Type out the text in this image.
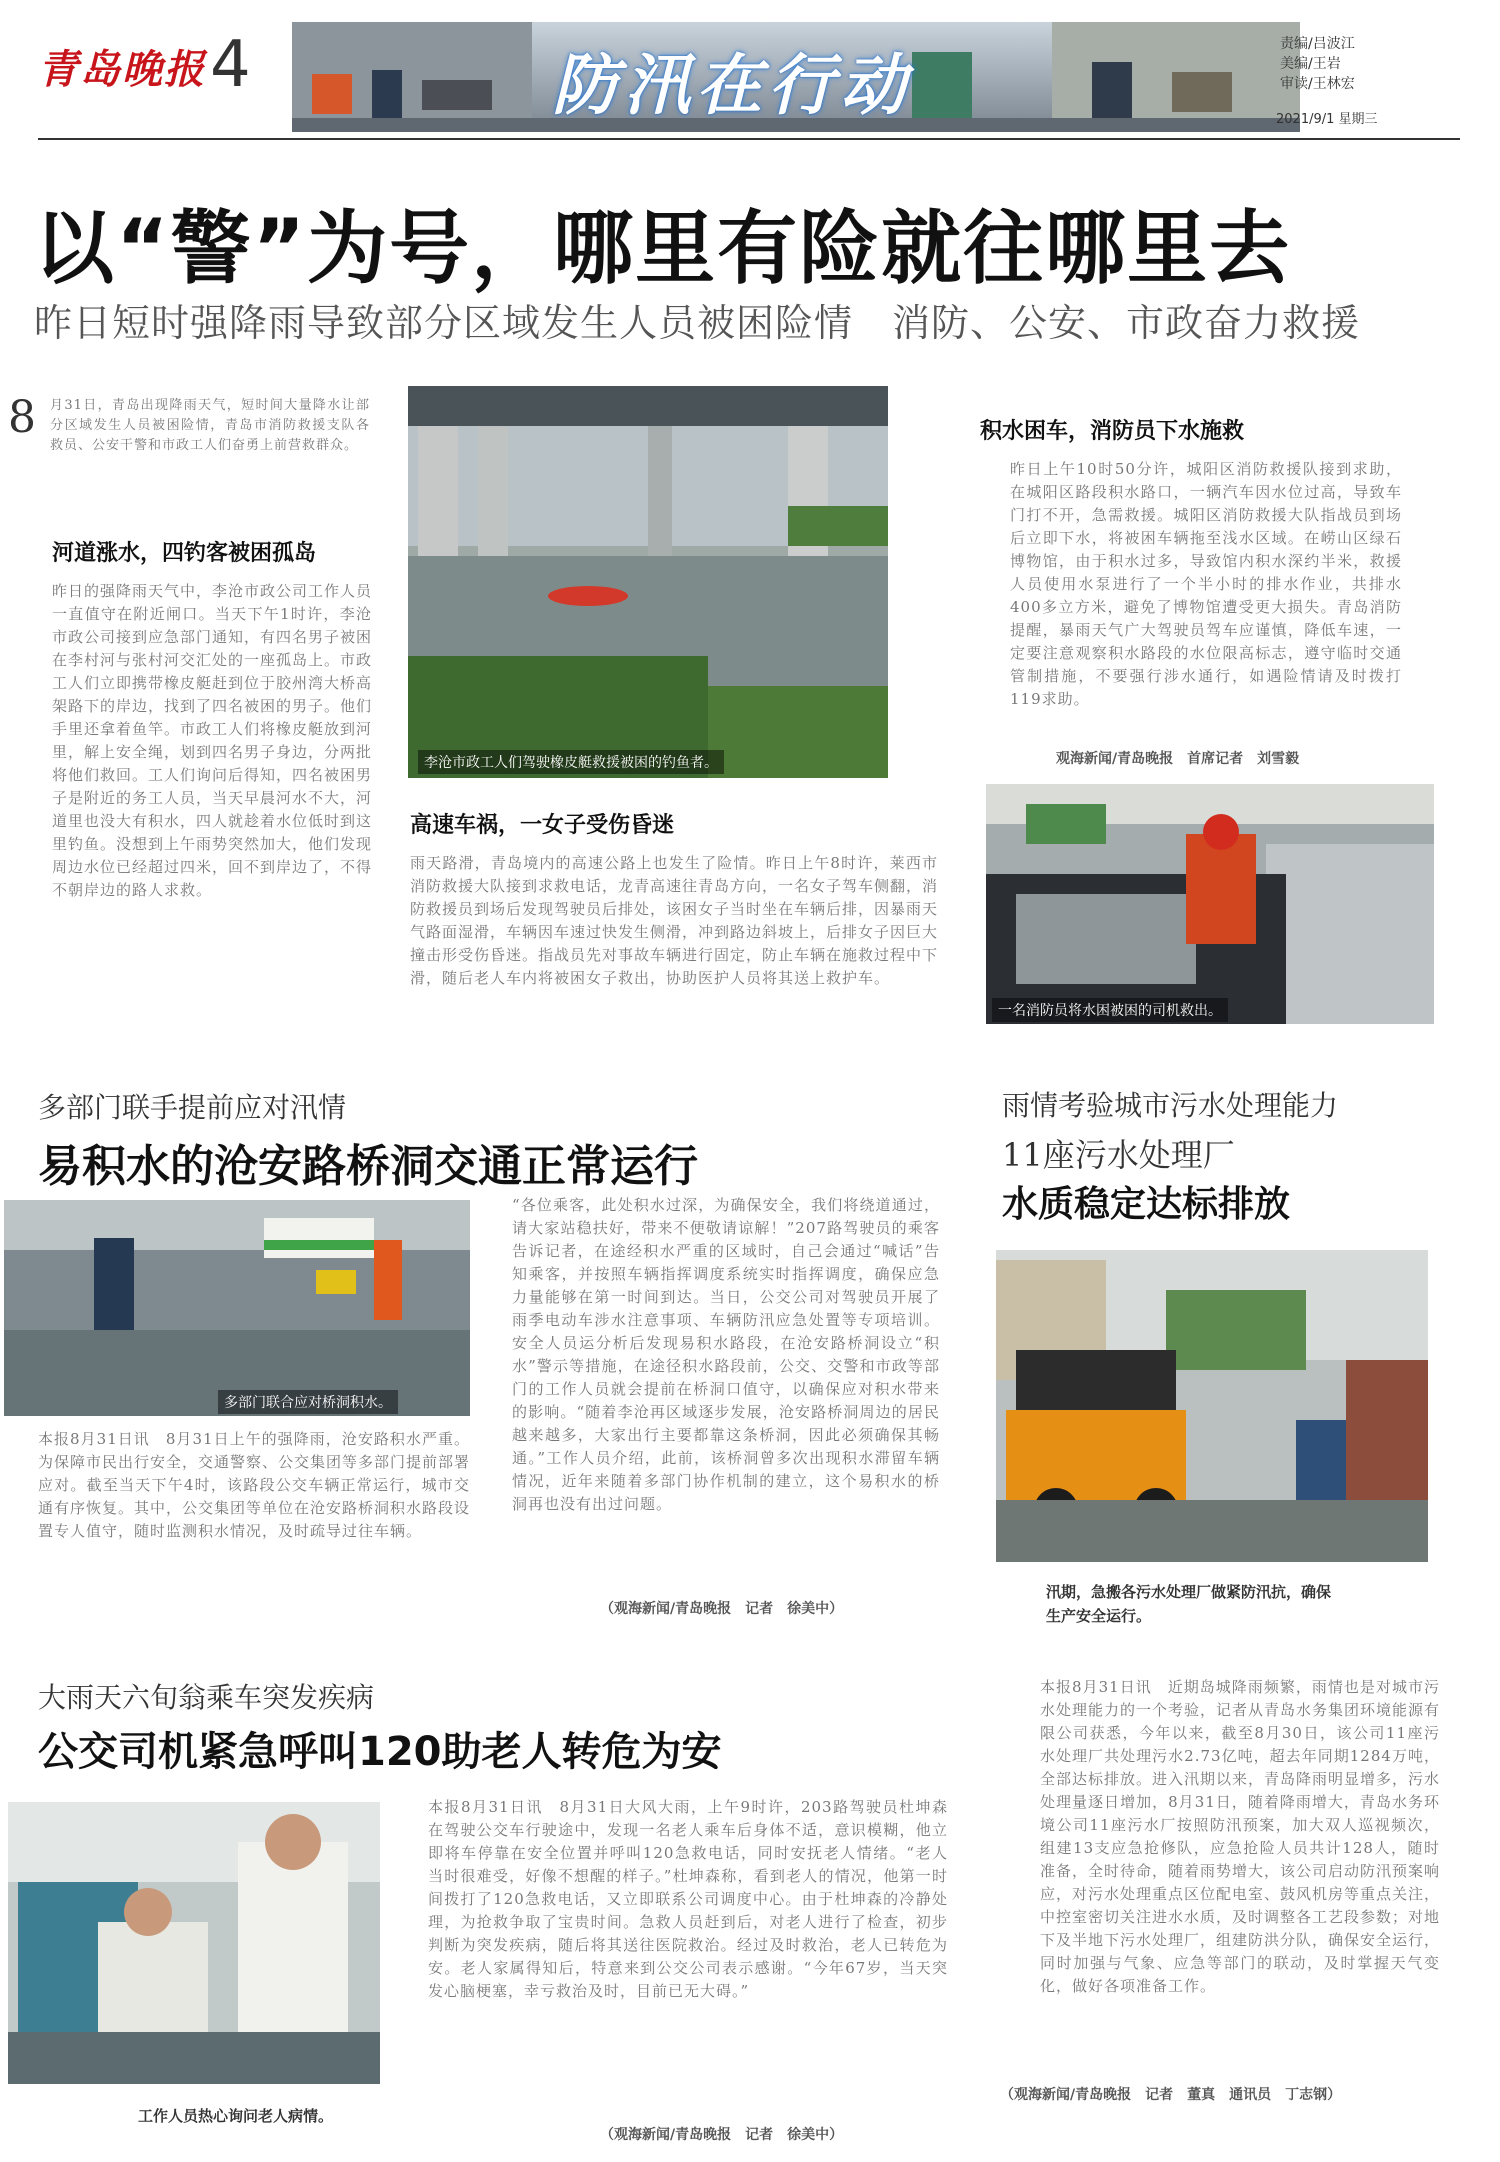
青岛晚报 4	防汛在行动
责编/吕波江
美编/王岩
审读/王林宏
2021/9/1 星期三
以“警”为号，哪里有险就往哪里去
昨日短时强降雨导致部分区域发生人员被困险情　消防、公安、市政奋力救援
8 月31日，青岛出现降雨天气，短时间大量降水让部分区域发生人员被困险情，青岛市消防救援支队各救员、公安干警和市政工人们奋勇上前营救群众。
河道涨水，四钓客被困孤岛
昨日的强降雨天气中，李沧市政公司工作人员一直值守在附近闸口。当天下午1时许，李沧市政公司接到应急部门通知，有四名男子被困在李村河与张村河交汇处的一座孤岛上。市政工人们立即携带橡皮艇赶到位于胶州湾大桥高架路下的岸边，找到了四名被困的男子。他们手里还拿着鱼竿。市政工人们将橡皮艇放到河里，解上安全绳，划到四名男子身边，分两批将他们救回。工人们询问后得知，四名被困男子是附近的务工人员，当天早晨河水不大，河道里也没大有积水，四人就趁着水位低时到这里钓鱼。没想到上午雨势突然加大，他们发现周边水位已经超过四米，回不到岸边了，不得不朝岸边的路人求救。
李沧市政工人们驾驶橡皮艇救援被困的钓鱼者。
高速车祸，一女子受伤昏迷
雨天路滑，青岛境内的高速公路上也发生了险情。昨日上午8时许，莱西市消防救援大队接到求救电话，龙青高速往青岛方向，一名女子驾车侧翻，消防救援员到场后发现驾驶员后排处，该困女子当时坐在车辆后排，因暴雨天气路面湿滑，车辆因车速过快发生侧滑，冲到路边斜坡上，后排女子因巨大撞击形受伤昏迷。指战员先对事故车辆进行固定，防止车辆在施救过程中下滑，随后老人车内将被困女子救出，协助医护人员将其送上救护车。
积水困车，消防员下水施救
昨日上午10时50分许，城阳区消防救援队接到求助，在城阳区路段积水路口，一辆汽车因水位过高，导致车门打不开，急需救援。城阳区消防救援大队指战员到场后立即下水，将被困车辆拖至浅水区域。在崂山区绿石博物馆，由于积水过多，导致馆内积水深约半米，救援人员使用水泵进行了一个半小时的排水作业，共排水400多立方米，避免了博物馆遭受更大损失。青岛消防提醒，暴雨天气广大驾驶员驾车应谨慎，降低车速，一定要注意观察积水路段的水位限高标志，遵守临时交通管制措施，不要强行涉水通行，如遇险情请及时拨打119求助。
观海新闻/青岛晚报　首席记者　刘雪毅
一名消防员将水困被困的司机救出。
多部门联手提前应对汛情
易积水的沧安路桥洞交通正常运行
多部门联合应对桥洞积水。
本报8月31日讯　8月31日上午的强降雨，沧安路积水严重。为保障市民出行安全，交通警察、公交集团等多部门提前部署应对。截至当天下午4时，该路段公交车辆正常运行，城市交通有序恢复。其中，公交集团等单位在沧安路桥洞积水路段设置专人值守，随时监测积水情况，及时疏导过往车辆。
“各位乘客，此处积水过深，为确保安全，我们将绕道通过，请大家站稳扶好，带来不便敬请谅解！”207路驾驶员的乘客告诉记者，在途经积水严重的区域时，自己会通过“喊话”告知乘客，并按照车辆指挥调度系统实时指挥调度，确保应急力量能够在第一时间到达。当日，公交公司对驾驶员开展了雨季电动车涉水注意事项、车辆防汛应急处置等专项培训。安全人员运分析后发现易积水路段，在沧安路桥洞设立“积水”警示等措施，在途径积水路段前，公交、交警和市政等部门的工作人员就会提前在桥洞口值守，以确保应对积水带来的影响。“随着李沧再区域逐步发展，沧安路桥洞周边的居民越来越多，大家出行主要都靠这条桥洞，因此必须确保其畅通。”工作人员介绍，此前，该桥洞曾多次出现积水滞留车辆情况，近年来随着多部门协作机制的建立，这个易积水的桥洞再也没有出过问题。
（观海新闻/青岛晚报　记者　徐美中）
雨情考验城市污水处理能力
11座污水处理厂
水质稳定达标排放
汛期，急搬各污水处理厂做紧防汛抗，确保生产安全运行。
本报8月31日讯　近期岛城降雨频繁，雨情也是对城市污水处理能力的一个考验，记者从青岛水务集团环境能源有限公司获悉，今年以来，截至8月30日，该公司11座污水处理厂共处理污水2.73亿吨，超去年同期1284万吨，全部达标排放。进入汛期以来，青岛降雨明显增多，污水处理量逐日增加，8月31日，随着降雨增大，青岛水务环境公司11座污水厂按照防汛预案，加大双人巡视频次，组建13支应急抢修队，应急抢险人员共计128人，随时准备，全时待命，随着雨势增大，该公司启动防汛预案响应，对污水处理重点区位配电室、鼓风机房等重点关注，中控室密切关注进水水质，及时调整各工艺段参数；对地下及半地下污水处理厂，组建防洪分队，确保安全运行，同时加强与气象、应急等部门的联动，及时掌握天气变化，做好各项准备工作。
（观海新闻/青岛晚报　记者　董真　通讯员　丁志钢）
大雨天六旬翁乘车突发疾病
公交司机紧急呼叫120助老人转危为安
工作人员热心询问老人病情。
本报8月31日讯　8月31日大风大雨，上午9时许，203路驾驶员杜坤森在驾驶公交车行驶途中，发现一名老人乘车后身体不适，意识模糊，他立即将车停靠在安全位置并呼叫120急救电话，同时安抚老人情绪。“老人当时很难受，好像不想醒的样子。”杜坤森称，看到老人的情况，他第一时间拨打了120急救电话，又立即联系公司调度中心。由于杜坤森的冷静处理，为抢救争取了宝贵时间。急救人员赶到后，对老人进行了检查，初步判断为突发疾病，随后将其送往医院救治。经过及时救治，老人已转危为安。老人家属得知后，特意来到公交公司表示感谢。“今年67岁，当天突发心脑梗塞，幸亏救治及时，目前已无大碍。”
（观海新闻/青岛晚报　记者　徐美中）
